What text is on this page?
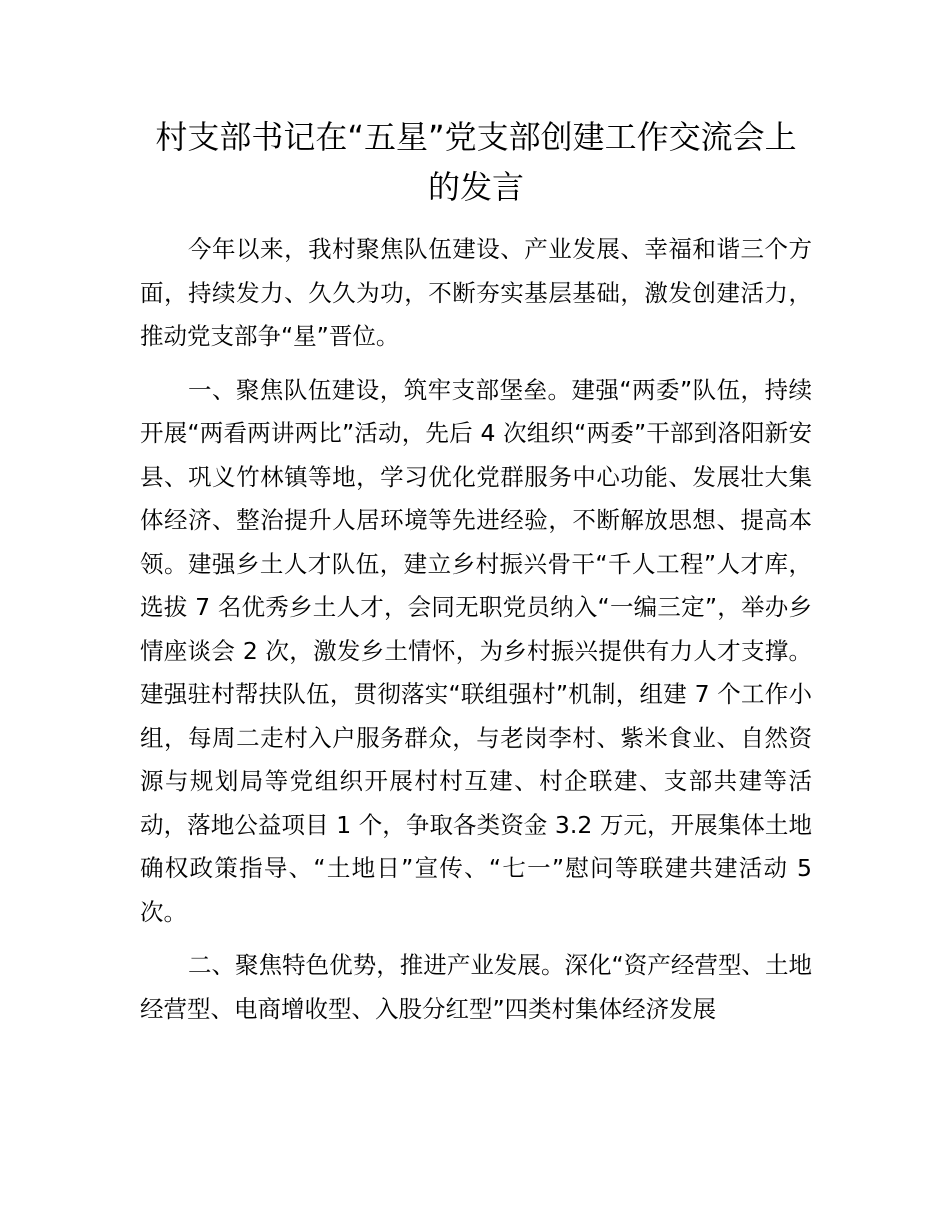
村支部书记在“五星”党支部创建工作交流会上的发言

今年以来，我村聚焦队伍建设、产业发展、幸福和谐三个方面，持续发力、久久为功，不断夯实基层基础，激发创建活力，推动党支部争“星”晋位。

一、聚焦队伍建设，筑牢支部堡垒。建强“两委”队伍，持续开展“两看两讲两比”活动，先后 4 次组织“两委”干部到洛阳新安县、巩义竹林镇等地，学习优化党群服务中心功能、发展壮大集体经济、整治提升人居环境等先进经验，不断解放思想、提高本领。建强乡土人才队伍，建立乡村振兴骨干“千人工程”人才库，选拔 7 名优秀乡土人才，会同无职党员纳入“一编三定”，举办乡情座谈会 2 次，激发乡土情怀，为乡村振兴提供有力人才支撑。建强驻村帮扶队伍，贯彻落实“联组强村”机制，组建 7 个工作小组，每周二走村入户服务群众，与老岗李村、紫米食业、自然资源与规划局等党组织开展村村互建、村企联建、支部共建等活动，落地公益项目 1 个，争取各类资金 3.2 万元，开展集体土地确权政策指导、“土地日”宣传、“七一”慰问等联建共建活动 5 次。

二、聚焦特色优势，推进产业发展。深化“资产经营型、土地经营型、电商增收型、入股分红型”四类村集体经济发展
